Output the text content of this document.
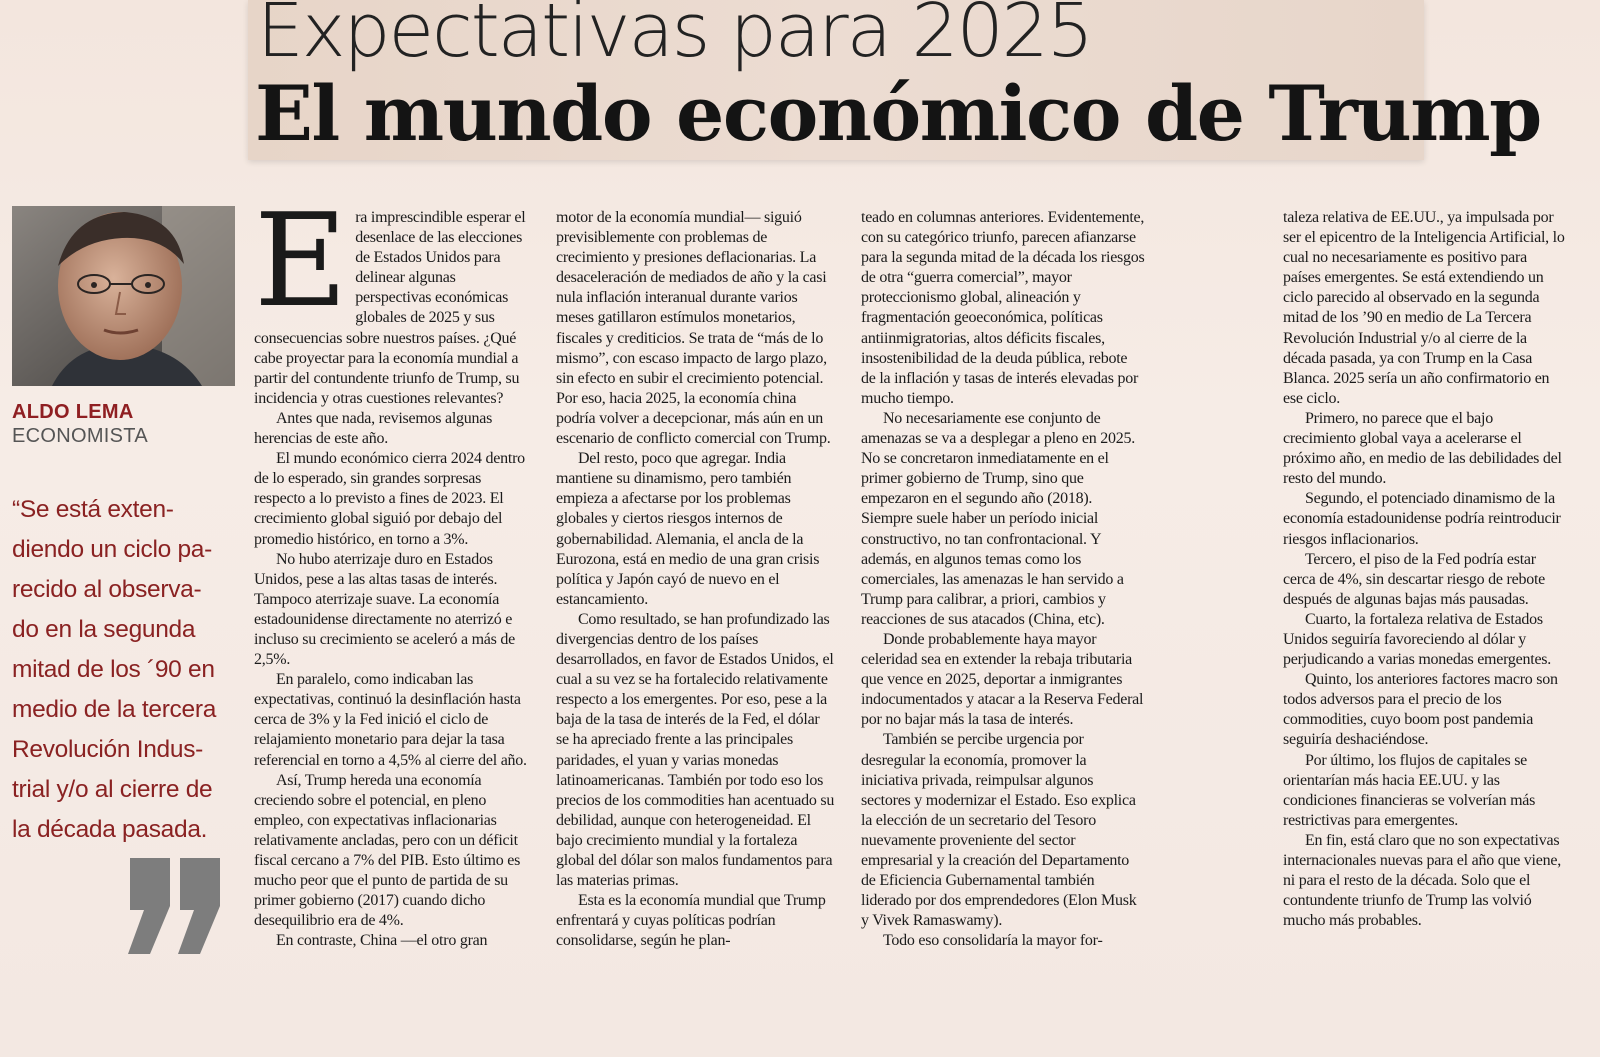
Expectativas para 2025
El mundo económico de Trump
ALDO LEMA
ECONOMISTA

“Se está exten-
diendo un ciclo pa-
recido al observa-
do en la segunda
mitad de los ´90 en
medio de la tercera
Revolución Indus-
trial y/o al cierre de
la década pasada.

E ra imprescindible esperar el desenlace de las elecciones de Estados Unidos para delinear algunas perspectivas económicas globales de 2025 y sus consecuencias sobre nuestros países. ¿Qué cabe proyectar para la economía mundial a partir del contundente triunfo de Trump, su incidencia y otras cuestiones relevantes?

Antes que nada, revisemos algunas herencias de este año.

El mundo económico cierra 2024 dentro de lo esperado, sin grandes sorpresas respecto a lo previsto a fines de 2023. El crecimiento global siguió por debajo del promedio histórico, en torno a 3%.

No hubo aterrizaje duro en Estados Unidos, pese a las altas tasas de interés. Tampoco aterrizaje suave. La economía estadounidense directamente no aterrizó e incluso su crecimiento se aceleró a más de 2,5%.

En paralelo, como indicaban las expectativas, continuó la desinflación hasta cerca de 3% y la Fed inició el ciclo de relajamiento monetario para dejar la tasa referencial en torno a 4,5% al cierre del año.

Así, Trump hereda una economía creciendo sobre el potencial, en pleno empleo, con expectativas inflacionarias relativamente ancladas, pero con un déficit fiscal cercano a 7% del PIB. Esto último es mucho peor que el punto de partida de su primer gobierno (2017) cuando dicho desequilibrio era de 4%.

En contraste, China —el otro gran

motor de la economía mundial— siguió previsiblemente con problemas de crecimiento y presiones deflacionarias. La desaceleración de mediados de año y la casi nula inflación interanual durante varios meses gatillaron estímulos monetarios, fiscales y crediticios. Se trata de “más de lo mismo”, con escaso impacto de largo plazo, sin efecto en subir el crecimiento potencial. Por eso, hacia 2025, la economía china podría volver a decepcionar, más aún en un escenario de conflicto comercial con Trump.

Del resto, poco que agregar. India mantiene su dinamismo, pero también empieza a afectarse por los problemas globales y ciertos riesgos internos de gobernabilidad. Alemania, el ancla de la Eurozona, está en medio de una gran crisis política y Japón cayó de nuevo en el estancamiento.

Como resultado, se han profundizado las divergencias dentro de los países desarrollados, en favor de Estados Unidos, el cual a su vez se ha fortalecido relativamente respecto a los emergentes. Por eso, pese a la baja de la tasa de interés de la Fed, el dólar se ha apreciado frente a las principales paridades, el yuan y varias monedas latinoamericanas. También por todo eso los precios de los commodities han acentuado su debilidad, aunque con heterogeneidad. El bajo crecimiento mundial y la fortaleza global del dólar son malos fundamentos para las materias primas.

Esta es la economía mundial que Trump enfrentará y cuyas políticas podrían consolidarse, según he plan-

teado en columnas anteriores. Evidentemente, con su categórico triunfo, parecen afianzarse para la segunda mitad de la década los riesgos de otra “guerra comercial”, mayor proteccionismo global, alineación y fragmentación geoeconómica, políticas antiinmigratorias, altos déficits fiscales, insostenibilidad de la deuda pública, rebote de la inflación y tasas de interés elevadas por mucho tiempo.

No necesariamente ese conjunto de amenazas se va a desplegar a pleno en 2025. No se concretaron inmediatamente en el primer gobierno de Trump, sino que empezaron en el segundo año (2018). Siempre suele haber un período inicial constructivo, no tan confrontacional. Y además, en algunos temas como los comerciales, las amenazas le han servido a Trump para calibrar, a priori, cambios y reacciones de sus atacados (China, etc).

Donde probablemente haya mayor celeridad sea en extender la rebaja tributaria que vence en 2025, deportar a inmigrantes indocumentados y atacar a la Reserva Federal por no bajar más la tasa de interés.

También se percibe urgencia por desregular la economía, promover la iniciativa privada, reimpulsar algunos sectores y modernizar el Estado. Eso explica la elección de un secretario del Tesoro nuevamente proveniente del sector empresarial y la creación del Departamento de Eficiencia Gubernamental también liderado por dos emprendedores (Elon Musk y Vivek Ramaswamy).

Todo eso consolidaría la mayor for-

taleza relativa de EE.UU., ya impulsada por ser el epicentro de la Inteligencia Artificial, lo cual no necesariamente es positivo para países emergentes. Se está extendiendo un ciclo parecido al observado en la segunda mitad de los ’90 en medio de La Tercera Revolución Industrial y/o al cierre de la década pasada, ya con Trump en la Casa Blanca. 2025 sería un año confirmatorio en ese ciclo.

Primero, no parece que el bajo crecimiento global vaya a acelerarse el próximo año, en medio de las debilidades del resto del mundo.

Segundo, el potenciado dinamismo de la economía estadounidense podría reintroducir riesgos inflacionarios.

Tercero, el piso de la Fed podría estar cerca de 4%, sin descartar riesgo de rebote después de algunas bajas más pausadas.

Cuarto, la fortaleza relativa de Estados Unidos seguiría favoreciendo al dólar y perjudicando a varias monedas emergentes.

Quinto, los anteriores factores macro son todos adversos para el precio de los commodities, cuyo boom post pandemia seguiría deshaciéndose.

Por último, los flujos de capitales se orientarían más hacia EE.UU. y las condiciones financieras se volverían más restrictivas para emergentes.

En fin, está claro que no son expectativas internacionales nuevas para el año que viene, ni para el resto de la década. Solo que el contundente triunfo de Trump las volvió mucho más probables.
